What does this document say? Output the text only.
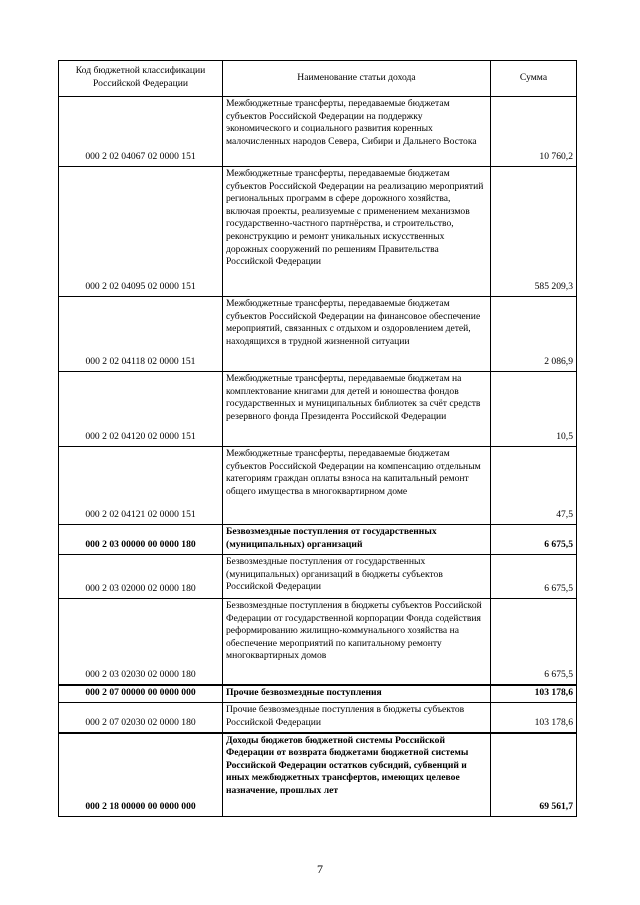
Код бюджетной классификации Российской Федерации	Наименование статьи дохода	Сумма
000 2 02 04067 02 0000 151	Межбюджетные трансферты, передаваемые бюджетам субъектов Российской Федерации на поддержку экономического и социального развития коренных малочисленных народов Севера, Сибири и Дальнего Востока	10 760,2
000 2 02 04095 02 0000 151	Межбюджетные трансферты, передаваемые бюджетам субъектов Российской Федерации на реализацию мероприятий региональных программ в сфере дорожного хозяйства, включая проекты, реализуемые с применением механизмов государственно-частного партнёрства, и строительство, реконструкцию и ремонт уникальных искусственных дорожных сооружений по решениям Правительства Российской Федерации	585 209,3
000 2 02 04118 02 0000 151	Межбюджетные трансферты, передаваемые бюджетам субъектов Российской Федерации на финансовое обеспечение мероприятий, связанных с отдыхом и оздоровлением детей, находящихся в трудной жизненной ситуации	2 086,9
000 2 02 04120 02 0000 151	Межбюджетные трансферты, передаваемые бюджетам на комплектование книгами для детей и юношества фондов государственных и муниципальных библиотек за счёт средств резервного фонда Президента Российской Федерации	10,5
000 2 02 04121 02 0000 151	Межбюджетные трансферты, передаваемые бюджетам субъектов Российской Федерации на компенсацию отдельным категориям граждан оплаты взноса на капитальный ремонт общего имущества в многоквартирном доме	47,5
000 2 03 00000 00 0000 180	Безвозмездные поступления от государственных (муниципальных) организаций	6 675,5
000 2 03 02000 02 0000 180	Безвозмездные поступления от государственных (муниципальных) организаций в бюджеты субъектов Российской Федерации	6 675,5
000 2 03 02030 02 0000 180	Безвозмездные поступления в бюджеты субъектов Российской Федерации от государственной корпорации Фонда содействия реформированию жилищно-коммунального хозяйства на обеспечение мероприятий по капитальному ремонту многоквартирных домов	6 675,5
000 2 07 00000 00 0000 000	Прочие безвозмездные поступления	103 178,6
000 2 07 02030 02 0000 180	Прочие безвозмездные поступления в бюджеты субъектов Российской Федерации	103 178,6
000 2 18 00000 00 0000 000	Доходы бюджетов бюджетной системы Российской Федерации от возврата бюджетами бюджетной системы Российской Федерации остатков субсидий, субвенций и иных межбюджетных трансфертов, имеющих целевое назначение, прошлых лет	69 561,7
7
